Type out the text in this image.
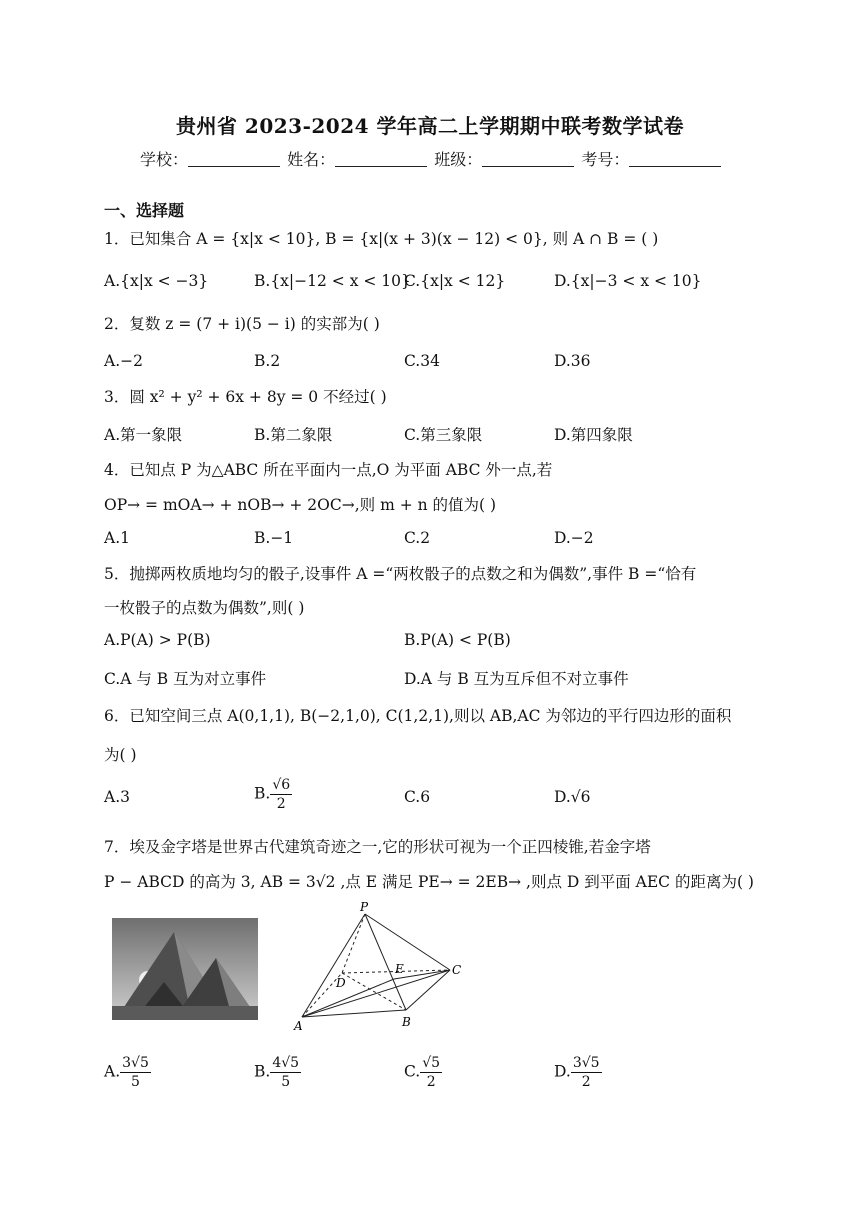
贵州省 2023-2024 学年高二上学期期中联考数学试卷
学校：	姓名：	班级：	考号：
一、选择题
1．已知集合 A = {x|x < 10}, B = {x|(x + 3)(x − 12) < 0}, 则 A ∩ B = ( )
A.{x|x < −3}	B.{x|−12 < x < 10}
C.{x|x < 12}	D.{x|−3 < x < 10}
2．复数 z = (7 + i)(5 − i) 的实部为( )
A.−2	B.2	C.34	D.36
3．圆 x² + y² + 6x + 8y = 0 不经过( )
A.第一象限	B.第二象限	C.第三象限	D.第四象限
4．已知点 P 为△ABC 所在平面内一点,O 为平面 ABC 外一点,若
OP→ = mOA→ + nOB→ + 2OC→,则 m + n 的值为( )
A.1	B.−1	C.2	D.−2
5．抛掷两枚质地均匀的骰子,设事件 A =“两枚骰子的点数之和为偶数”,事件 B =“恰有
一枚骰子的点数为偶数”,则( )
A.P(A) > P(B)	B.P(A) < P(B)
C.A 与 B 互为对立事件	D.A 与 B 互为互斥但不对立事件
6．已知空间三点 A(0,1,1), B(−2,1,0), C(1,2,1),则以 AB,AC 为邻边的平行四边形的面积
为( )
A.3	B. $\frac{√6}{2}$	C.6	D.√6
7．埃及金字塔是世界古代建筑奇迹之一,它的形状可视为一个正四棱锥,若金字塔
P − ABCD 的高为 3, AB = 3√2 ,点 E 满足 PE→ = 2EB→ ,则点 D 到平面 AEC 的距离为( )
P
D
E	C
A	B
A. $\frac{3√5}{5}$	B. $\frac{4√5}{5}$	C. $\frac{√5}{2}$	D. $\frac{3√5}{2}$
